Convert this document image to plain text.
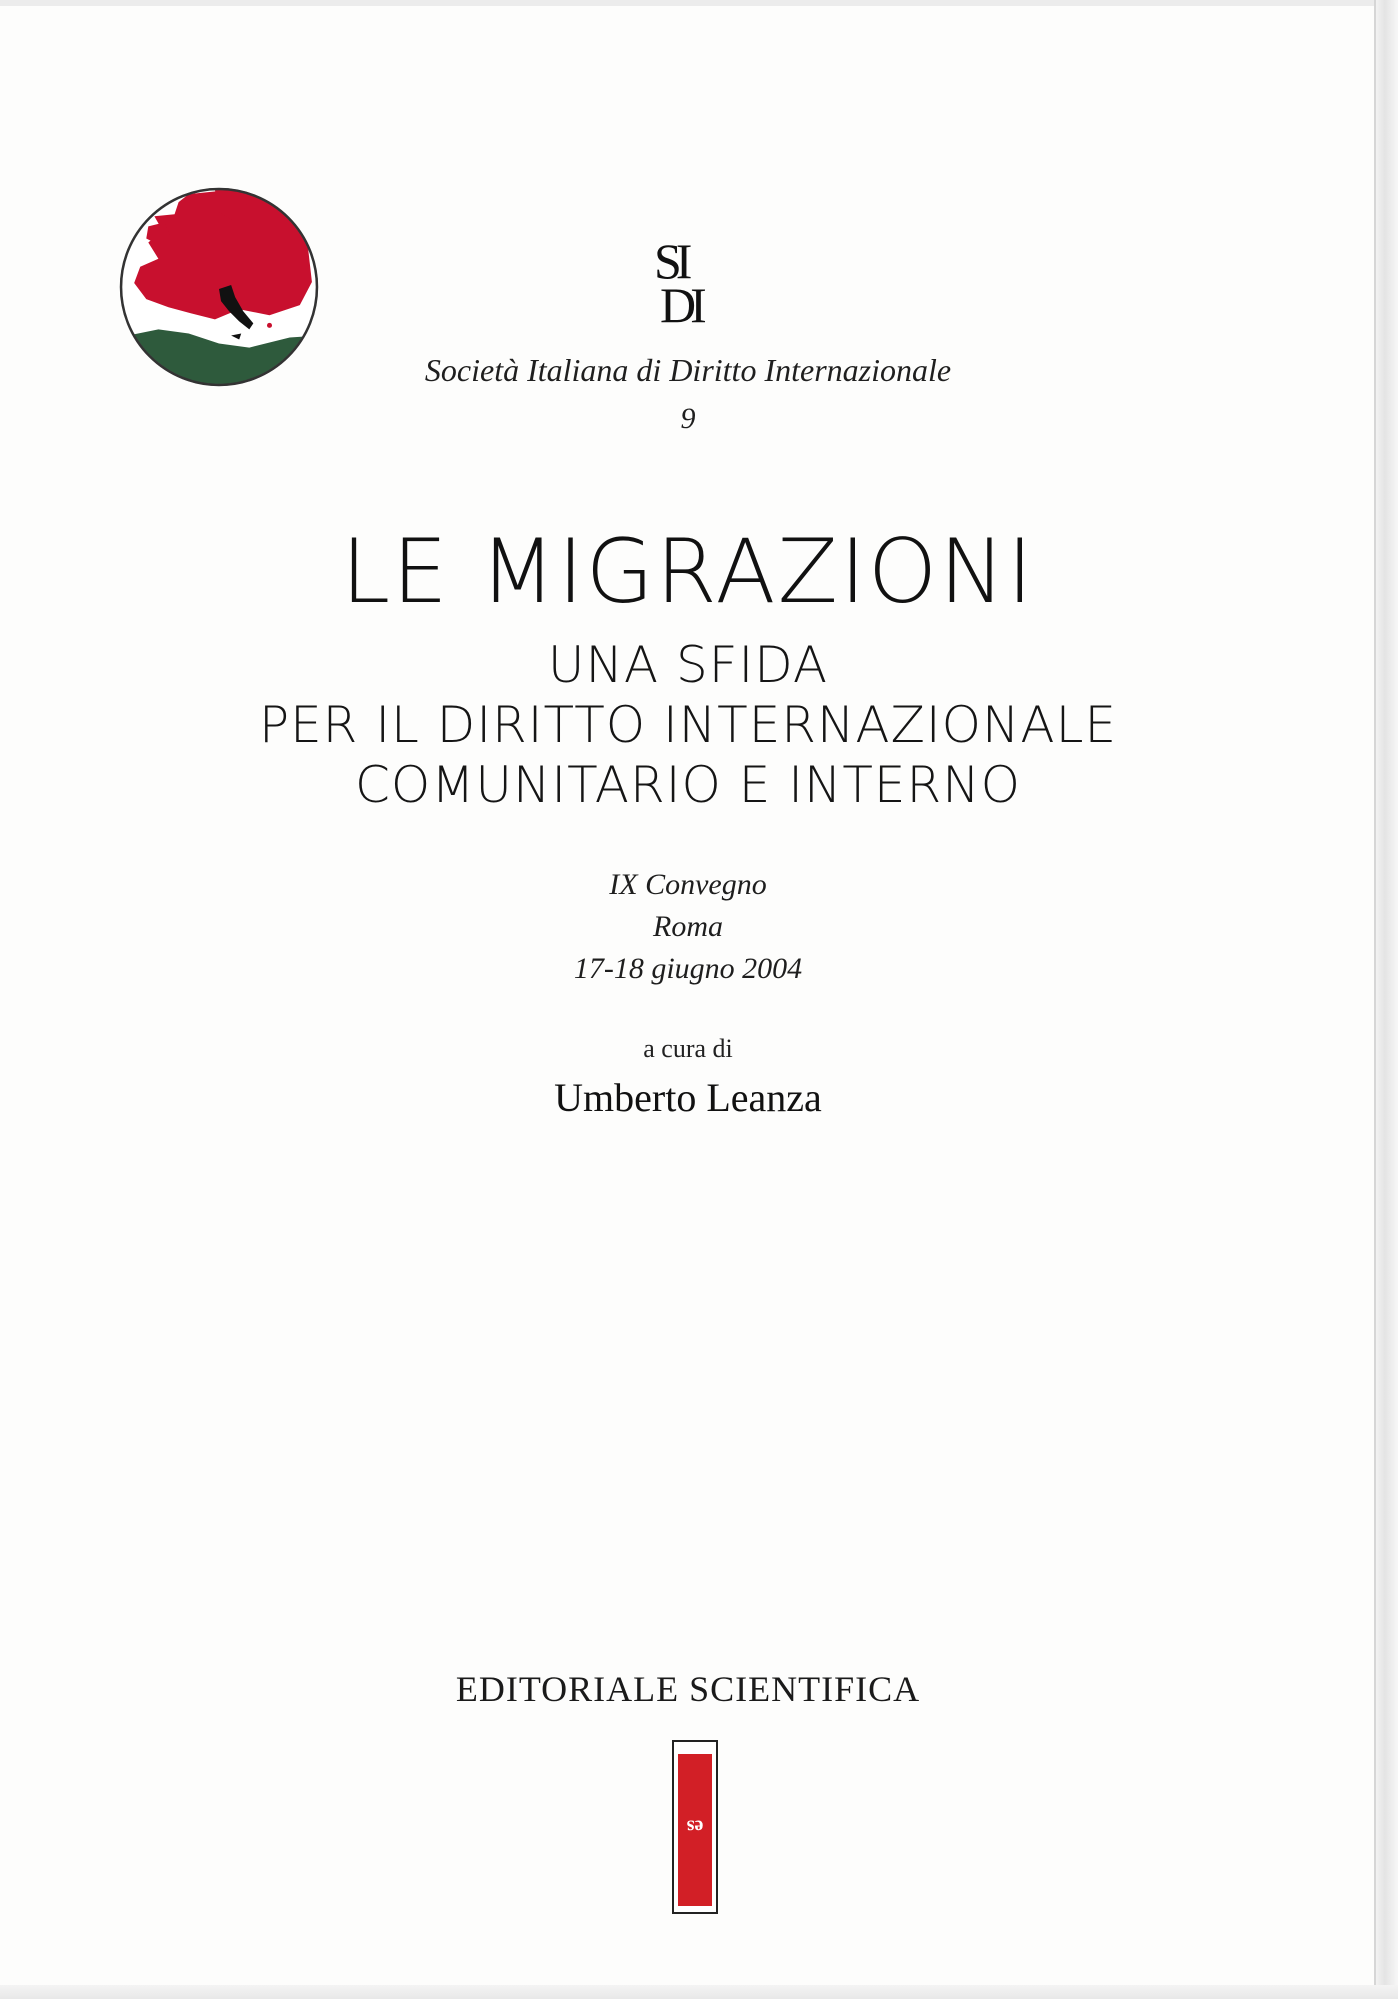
SI
DI
Società Italiana di Diritto Internazionale
9
LE MIGRAZIONI
UNA SFIDA
PER IL DIRITTO INTERNAZIONALE
COMUNITARIO E INTERNO
IX Convegno
Roma
17-18 giugno 2004
a cura di
Umberto Leanza
EDITORIALE SCIENTIFICA
es
